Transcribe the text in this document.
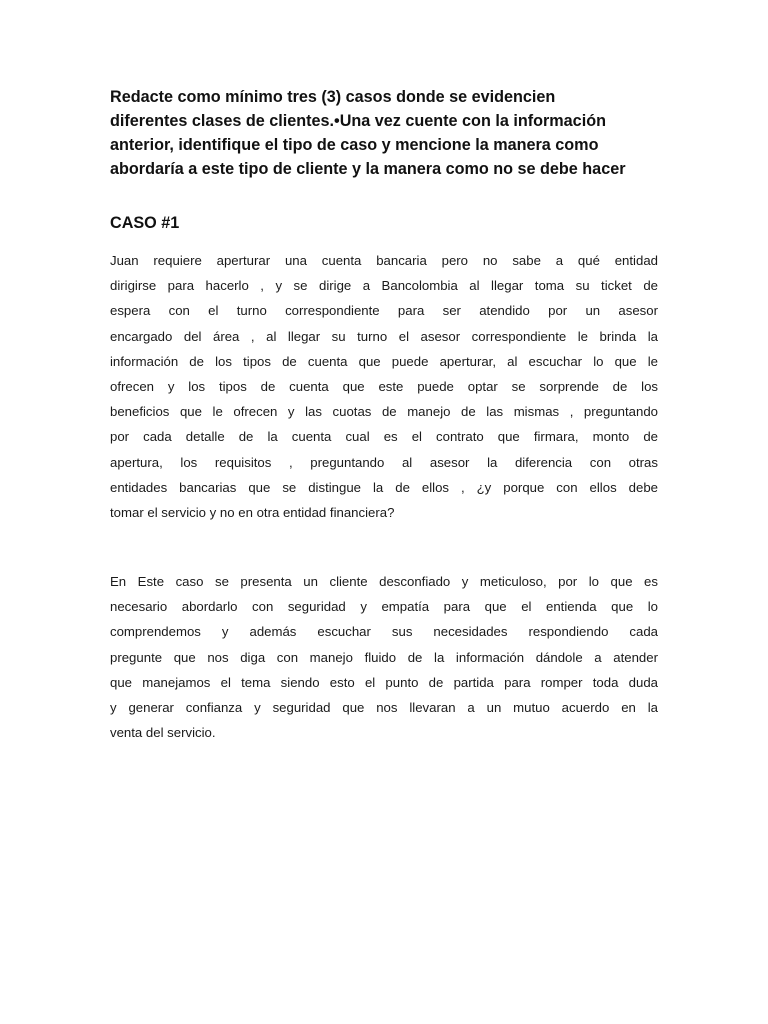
Redacte como mínimo tres (3) casos donde se evidencien
diferentes clases de clientes.•Una vez cuente con la información
anterior, identifique el tipo de caso y mencione la manera como
abordaría a este tipo de cliente y la manera como no se debe hacer
CASO #1

Juan requiere aperturar una cuenta bancaria pero no sabe a qué entidad
dirigirse para hacerlo , y se dirige a Bancolombia al llegar toma su ticket de
espera con el turno correspondiente para ser atendido por un asesor
encargado del área , al llegar su turno el asesor correspondiente le brinda la
información de los tipos de cuenta que puede aperturar, al escuchar lo que le
ofrecen y los tipos de cuenta que este puede optar se sorprende de los
beneficios que le ofrecen y las cuotas de manejo de las mismas , preguntando
por cada detalle de la cuenta cual es el contrato que firmara, monto de
apertura, los requisitos , preguntando al asesor la diferencia con otras
entidades bancarias que se distingue la de ellos , ¿y porque con ellos debe
tomar el servicio y no en otra entidad financiera?

En Este caso se presenta un cliente desconfiado y meticuloso, por lo que es
necesario abordarlo con seguridad y empatía para que el entienda que lo
comprendemos y además escuchar sus necesidades respondiendo cada
pregunte que nos diga con manejo fluido de la información dándole a atender
que manejamos el tema siendo esto el punto de partida para romper toda duda
y generar confianza y seguridad que nos llevaran a un mutuo acuerdo en la
venta del servicio.
